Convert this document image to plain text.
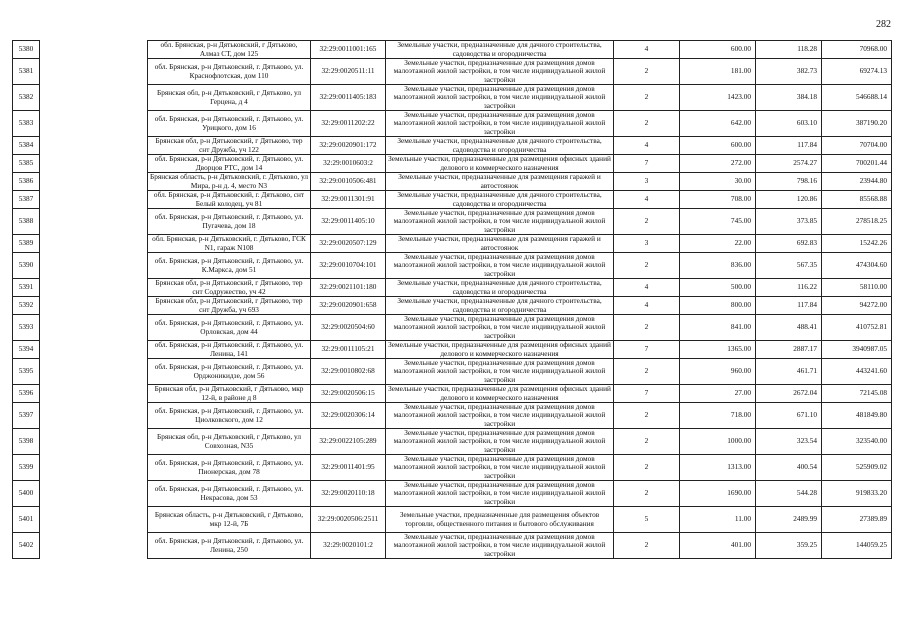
282
5380		обл. Брянская, р-н Дятьковский, г Дятьково, Алмаз СТ, дом 125	32:29:0011001:165	Земельные участки, предназначенные для дачного строительства, садоводства и огородничества	4	600.00	118.28	70968.00
5381		обл. Брянская, р-н Дятьковский, г. Дятьково, ул. Краснофлотская, дом 110	32:29:0020511:11	Земельные участки, предназначенные для размещения домов малоэтажной жилой застройки, в том числе индивидуальной жилой застройки	2	181.00	382.73	69274.13
5382		Брянская обл, р-н Дятьковский, г Дятьково, ул Герцена, д 4	32:29:0011405:183	Земельные участки, предназначенные для размещения домов малоэтажной жилой застройки, в том числе индивидуальной жилой застройки	2	1423.00	384.18	546688.14
5383		обл. Брянская, р-н Дятьковский, г. Дятьково, ул. Урицкого, дом 16	32:29:0011202:22	Земельные участки, предназначенные для размещения домов малоэтажной жилой застройки, в том числе индивидуальной жилой застройки	2	642.00	603.10	387190.20
5384		Брянская обл, р-н Дятьковский, г Дятьково, тер снт Дружба, уч 122	32:29:0020901:172	Земельные участки, предназначенные для дачного строительства, садоводства и огородничества	4	600.00	117.84	70704.00
5385		обл. Брянская, р-н Дятьковский, г. Дятьково, ул. Дворцов РТС, дом 14	32:29:0010603:2	Земельные участки, предназначенные для размещения офисных зданий делового и коммерческого назначения	7	272.00	2574.27	700201.44
5386		Брянская область, р-н Дятьковский, г. Дятьково, ул Мира, р-н д. 4, место N3	32:29:0010506:481	Земельные участки, предназначенные для размещения гаражей и автостоянок	3	30.00	798.16	23944.80
5387		обл. Брянская, р-н Дятьковский, г. Дятьково, снт Белый колодец, уч 81	32:29:0011301:91	Земельные участки, предназначенные для дачного строительства, садоводства и огородничества	4	708.00	120.86	85568.88
5388		обл. Брянская, р-н Дятьковский, г. Дятьково, ул. Пугачева, дом 18	32:29:0011405:10	Земельные участки, предназначенные для размещения домов малоэтажной жилой застройки, в том числе индивидуальной жилой застройки	2	745.00	373.85	278518.25
5389		обл. Брянская, р-н Дятьковский, г. Дятьково, ГСК N1, гараж N108	32:29:0020507:129	Земельные участки, предназначенные для размещения гаражей и автостоянок	3	22.00	692.83	15242.26
5390		обл. Брянская, р-н Дятьковский, г. Дятьково, ул. К.Маркса, дом 51	32:29:0010704:101	Земельные участки, предназначенные для размещения домов малоэтажной жилой застройки, в том числе индивидуальной жилой застройки	2	836.00	567.35	474304.60
5391		Брянская обл, р-н Дятьковский, г Дятьково, тер снт Содружество, уч 42	32:29:0021101:180	Земельные участки, предназначенные для дачного строительства, садоводства и огородничества	4	500.00	116.22	58110.00
5392		Брянская обл, р-н Дятьковский, г Дятьково, тер снт Дружба, уч 693	32:29:0020901:658	Земельные участки, предназначенные для дачного строительства, садоводства и огородничества	4	800.00	117.84	94272.00
5393		обл. Брянская, р-н Дятьковский, г. Дятьково, ул. Орловская, дом 44	32:29:0020504:60	Земельные участки, предназначенные для размещения домов малоэтажной жилой застройки, в том числе индивидуальной жилой застройки	2	841.00	488.41	410752.81
5394		обл. Брянская, р-н Дятьковский, г. Дятьково, ул. Ленина, 141	32:29:0011105:21	Земельные участки, предназначенные для размещения офисных зданий делового и коммерческого назначения	7	1365.00	2887.17	3940987.05
5395		обл. Брянская, р-н Дятьковский, г. Дятьково, ул. Орджоникидзе, дом 56	32:29:0010802:68	Земельные участки, предназначенные для размещения домов малоэтажной жилой застройки, в том числе индивидуальной жилой застройки	2	960.00	461.71	443241.60
5396		Брянская обл, р-н Дятьковский, г Дятьково, мкр 12-й, в районе д 8	32:29:0020506:15	Земельные участки, предназначенные для размещения офисных зданий делового и коммерческого назначения	7	27.00	2672.04	72145.08
5397		обл. Брянская, р-н Дятьковский, г. Дятьково, ул. Циолковского, дом 12	32:29:0020306:14	Земельные участки, предназначенные для размещения домов малоэтажной жилой застройки, в том числе индивидуальной жилой застройки	2	718.00	671.10	481849.80
5398		Брянская обл, р-н Дятьковский, г Дятьково, ул Совхозная, N35	32:29:0022105:289	Земельные участки, предназначенные для размещения домов малоэтажной жилой застройки, в том числе индивидуальной жилой застройки	2	1000.00	323.54	323540.00
5399		обл. Брянская, р-н Дятьковский, г. Дятьково, ул. Пионерская, дом 78	32:29:0011401:95	Земельные участки, предназначенные для размещения домов малоэтажной жилой застройки, в том числе индивидуальной жилой застройки	2	1313.00	400.54	525909.02
5400		обл. Брянская, р-н Дятьковский, г. Дятьково, ул. Некрасова, дом 53	32:29:0020110:18	Земельные участки, предназначенные для размещения домов малоэтажной жилой застройки, в том числе индивидуальной жилой застройки	2	1690.00	544.28	919833.20
5401		Брянская область, р-н Дятьковский, г Дятьково, мкр 12-й, 7Б	32:29:0020506:2511	Земельные участки, предназначенные для размещения объектов торговли, общественного питания и бытового обслуживания	5	11.00	2489.99	27389.89
5402		обл. Брянская, р-н Дятьковский, г. Дятьково, ул. Ленина, 250	32:29:0020101:2	Земельные участки, предназначенные для размещения домов малоэтажной жилой застройки, в том числе индивидуальной жилой застройки	2	401.00	359.25	144059.25
